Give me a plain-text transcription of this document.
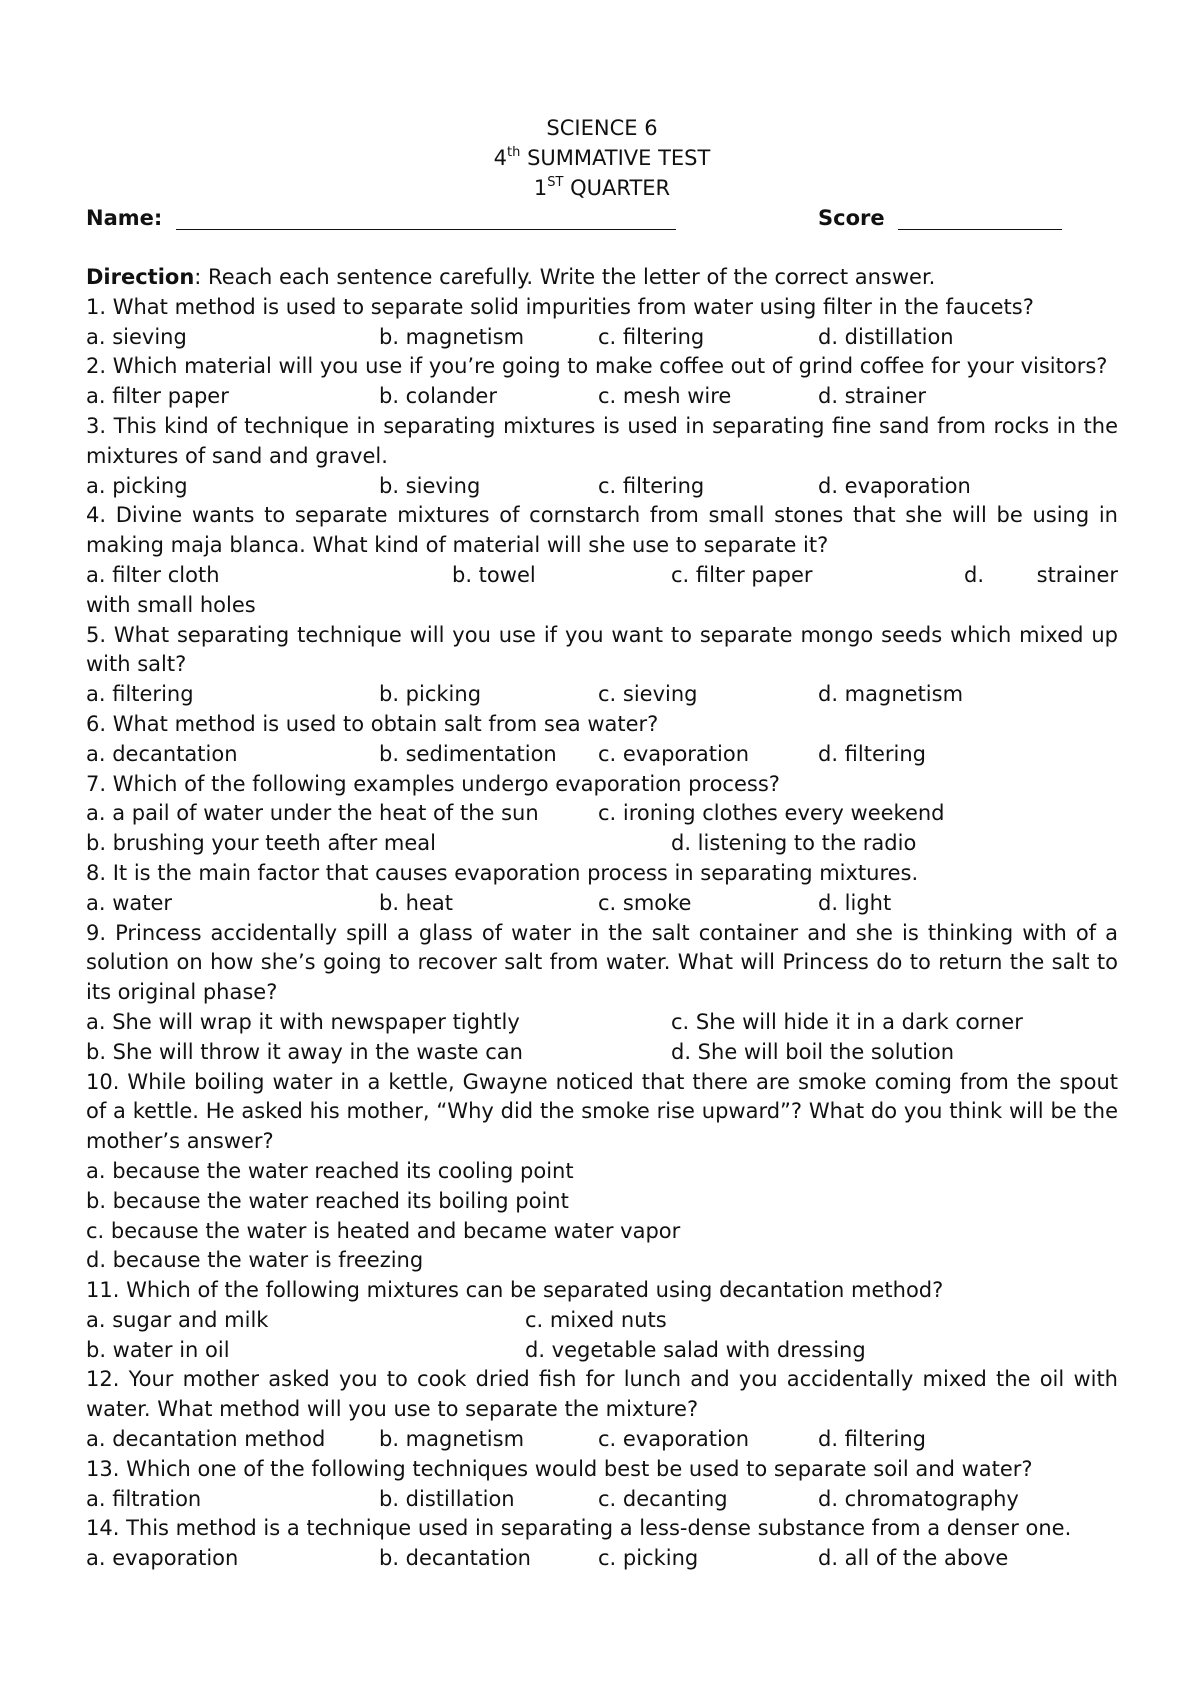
SCIENCE 6
4th SUMMATIVE TEST
1ST QUARTER
Name:	Score
Direction: Reach each sentence carefully. Write the letter of the correct answer.
1. What method is used to separate solid impurities from water using filter in the faucets?
a. sieving	b. magnetism	c. filtering	d. distillation
2. Which material will you use if you’re going to make coffee out of grind coffee for your visitors?
a. filter paper	b. colander	c. mesh wire	d. strainer
3. This kind of technique in separating mixtures is used in separating fine sand from rocks in the mixtures of sand and gravel.
a. picking	b. sieving	c. filtering	d. evaporation
4. Divine wants to separate mixtures of cornstarch from small stones that she will be using in making maja blanca. What kind of material will she use to separate it?
a. filter cloth	b. towel	c. filter paper	d.	strainer
with small holes
5. What separating technique will you use if you want to separate mongo seeds which mixed up with salt?
a. filtering	b. picking	c. sieving	d. magnetism
6. What method is used to obtain salt from sea water?
a. decantation	b. sedimentation c. evaporation	d. filtering
7. Which of the following examples undergo evaporation process?
a. a pail of water under the heat of the sun	c. ironing clothes every weekend
b. brushing your teeth after meal	d. listening to the radio
8. It is the main factor that causes evaporation process in separating mixtures.
a. water	b. heat	c. smoke	d. light
9. Princess accidentally spill a glass of water in the salt container and she is thinking with of a solution on how she’s going to recover salt from water. What will Princess do to return the salt to its original phase?
a. She will wrap it with newspaper tightly	c. She will hide it in a dark corner
b. She will throw it away in the waste can	d. She will boil the solution
10. While boiling water in a kettle, Gwayne noticed that there are smoke coming from the spout of a kettle. He asked his mother, “Why did the smoke rise upward”? What do you think will be the mother’s answer?
a. because the water reached its cooling point
b. because the water reached its boiling point
c. because the water is heated and became water vapor
d. because the water is freezing
11. Which of the following mixtures can be separated using decantation method?
a. sugar and milk	c. mixed nuts
b. water in oil	d. vegetable salad with dressing
12. Your mother asked you to cook dried fish for lunch and you accidentally mixed the oil with water. What method will you use to separate the mixture?
a. decantation method	b. magnetism	c. evaporation	d. filtering
13. Which one of the following techniques would best be used to separate soil and water?
a. filtration	b. distillation	c. decanting	d. chromatography
14. This method is a technique used in separating a less-dense substance from a denser one.
a. evaporation	b. decantation	c. picking	d. all of the above
